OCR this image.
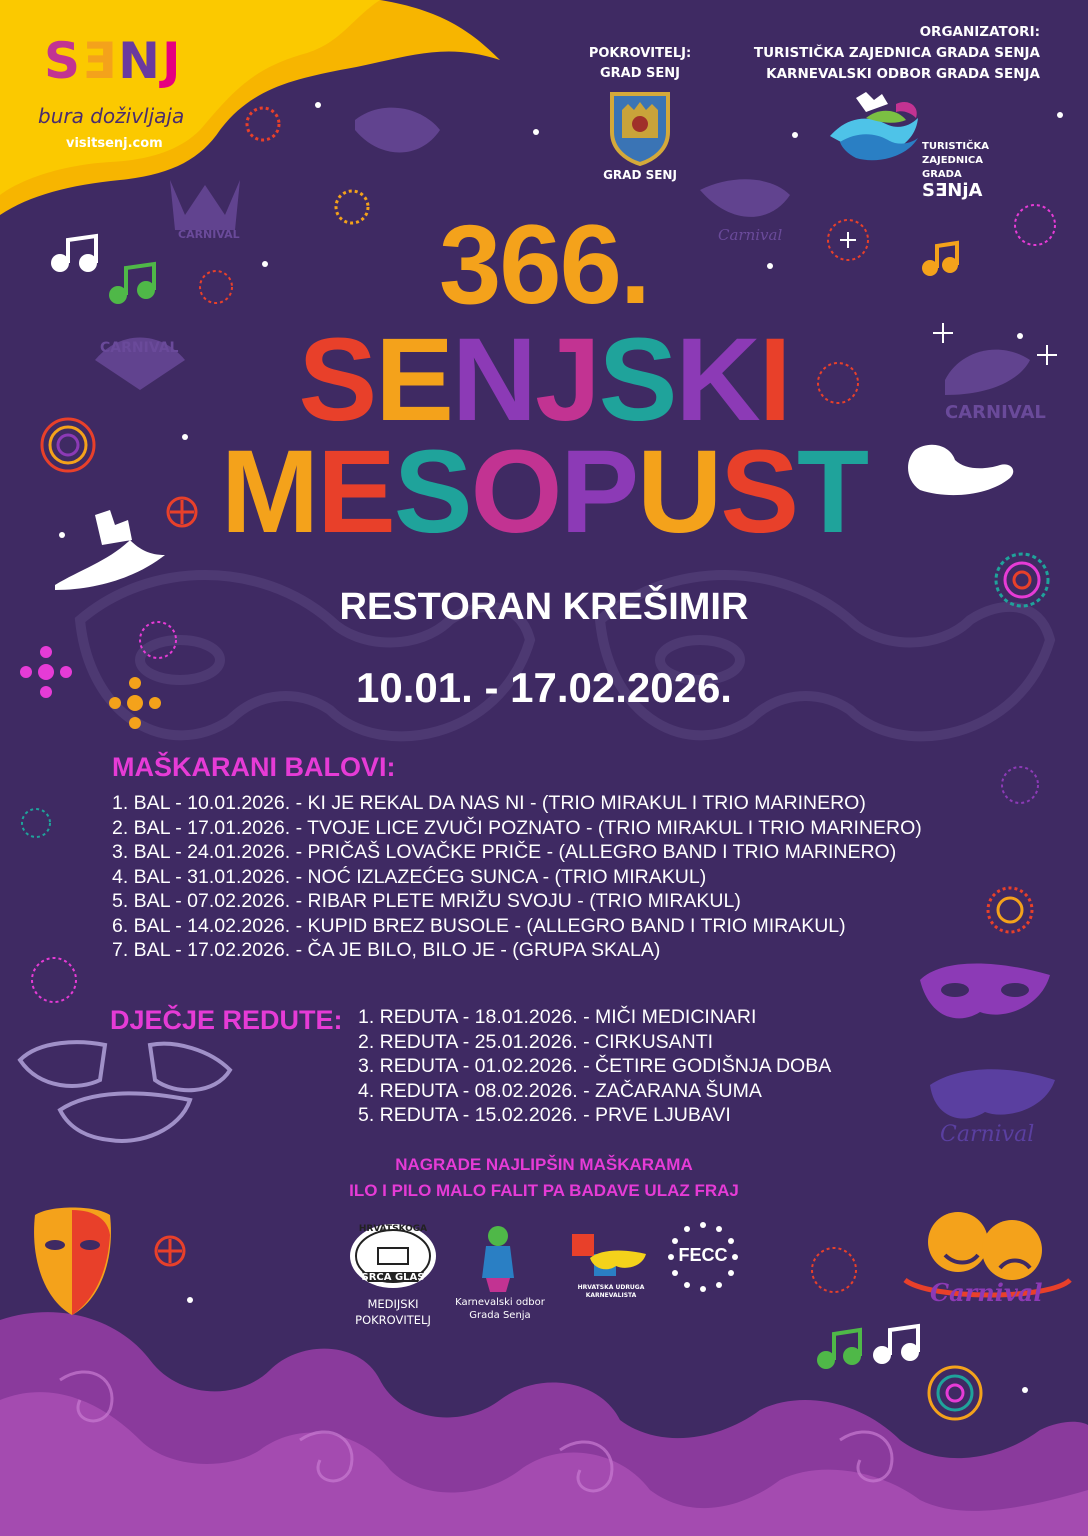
CARNIVAL
CARNIVAL
CARNIVAL
Carnival
Carnival
Carnival
SƎNJ
bura doživljaja
visitsenj.com
POKROVITELJ:
GRAD SENJ
GRAD SENJ
ORGANIZATORI:
TURISTIČKA ZAJEDNICA GRADA SENJA
KARNEVALSKI ODBOR GRADA SENJA
TURISTIČKA
ZAJEDNICA
GRADA
SƎNjA
366.
SENJSKI
MESOPUST
RESTORAN KREŠIMIR
10.01. - 17.02.2026.
MAŠKARANI BALOVI:
1. BAL - 10.01.2026. - KI JE REKAL DA NAS NI - (TRIO MIRAKUL I TRIO MARINERO)
2. BAL - 17.01.2026. - TVOJE LICE ZVUČI POZNATO - (TRIO MIRAKUL I TRIO MARINERO)
3. BAL - 24.01.2026. - PRIČAŠ LOVAČKE PRIČE - (ALLEGRO BAND I TRIO MARINERO)
4. BAL - 31.01.2026. - NOĆ IZLAZEĆEG SUNCA - (TRIO MIRAKUL)
5. BAL - 07.02.2026. - RIBAR PLETE MRIŽU SVOJU - (TRIO MIRAKUL)
6. BAL - 14.02.2026. - KUPID BREZ BUSOLE - (ALLEGRO BAND I TRIO MIRAKUL)
7. BAL - 17.02.2026. - ČA JE BILO, BILO JE - (GRUPA SKALA)
DJEČJE REDUTE: 1. REDUTA - 18.01.2026. - MIČI MEDICINARI
2. REDUTA - 25.01.2026. - CIRKUSANTI
3. REDUTA - 01.02.2026. - ČETIRE GODIŠNJA DOBA
4. REDUTA - 08.02.2026. - ZAČARANA ŠUMA
5. REDUTA - 15.02.2026. - PRVE LJUBAVI
NAGRADE NAJLIPŠIN MAŠKARAMA
ILO I PILO MALO FALIT PA BADAVE ULAZ FRAJ
HRVATSKOGA
SRCA GLAS
MEDIJSKI
POKROVITELJ
Karnevalski odbor
Grada Senja
HRVATSKA UDRUGA
KARNEVALISTA
FECC
